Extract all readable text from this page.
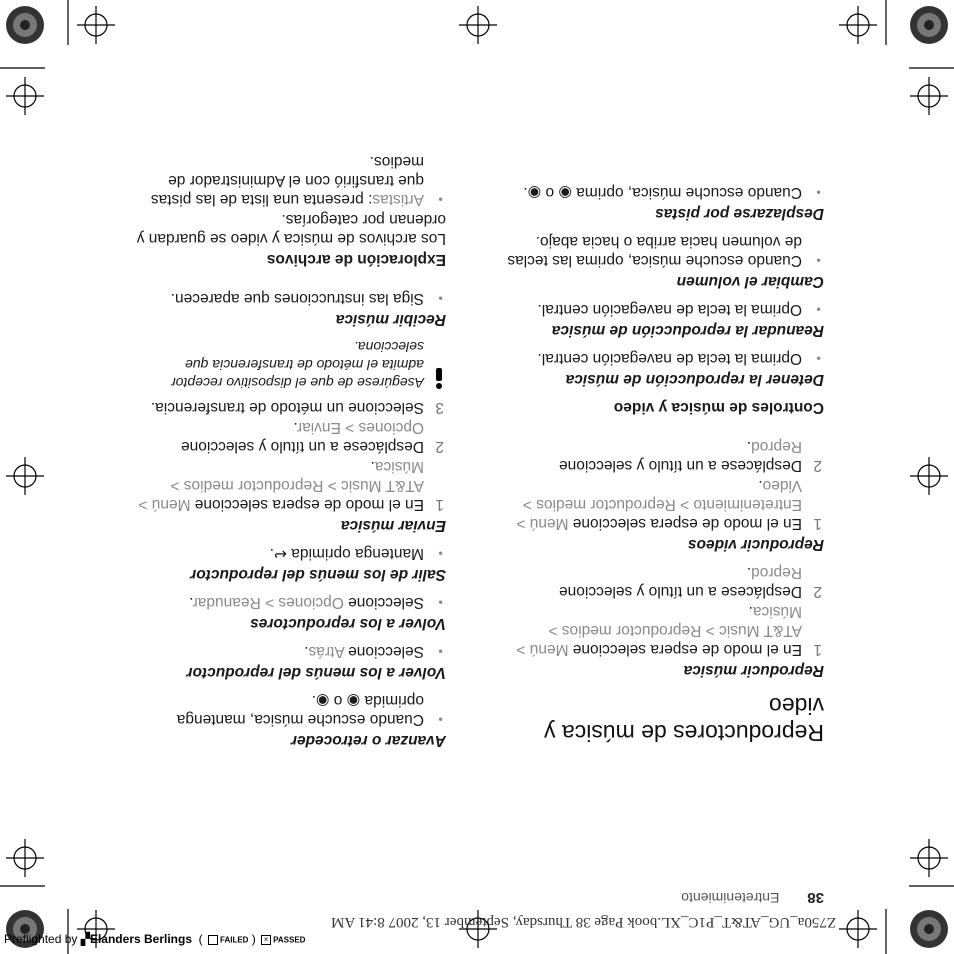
Z750a_UG_AT&T_P1C_XL.book Page 38 Thursday, September 13, 2007 8:41 AM
38Entretenimiento
Reproductores de música y video
Reproducir música
1
En el modo de espera seleccione Menú > AT&T Music > Reproductor medios > Música.
2
Desplácese a un título y seleccione Reprod.
Reproducir videos
1
En el modo de espera seleccione Menú > Entretenimiento > Reproductor medios > Video.
2
Desplácese a un título y seleccione Reprod.
Controles de música y video
Detener la reproducción de música
● Oprima la tecla de navegación central.
Reanudar la reproducción de música
● Oprima la tecla de navegación central.
Cambiar el volumen
● Cuando escuche música, oprima las teclas de volumen hacia arriba o hacia abajo.
Desplazarse por pistas
● Cuando escuche música, oprima ◉ o ◉.
Avanzar o retroceder
● Cuando escuche música, mantenga oprimida ◉ o ◉.
Volver a los menús del reproductor
● Seleccione Atrás.
Volver a los reproductores
● Seleccione Opciones > Reanudar.
Salir de los menús del reproductor
● Mantenga oprimida ↩.
Enviar música
1
En el modo de espera seleccione Menú > AT&T Music > Reproductor medios > Música.
2
Desplácese a un título y seleccione Opciones > Enviar.
3
Seleccione un método de transferencia.
Asegúrese de que el dispositivo receptor admita el método de transferencia que selecciona.
Recibir música
● Siga las instrucciones que aparecen.
Exploración de archivos
Los archivos de música y video se guardan y ordenan por categorías.
● Artistas: presenta una lista de las pistas que transfirió con el Administrador de medios.
Preflighted by ▞Elanders Berlings  ( FAILED ) × PASSED
